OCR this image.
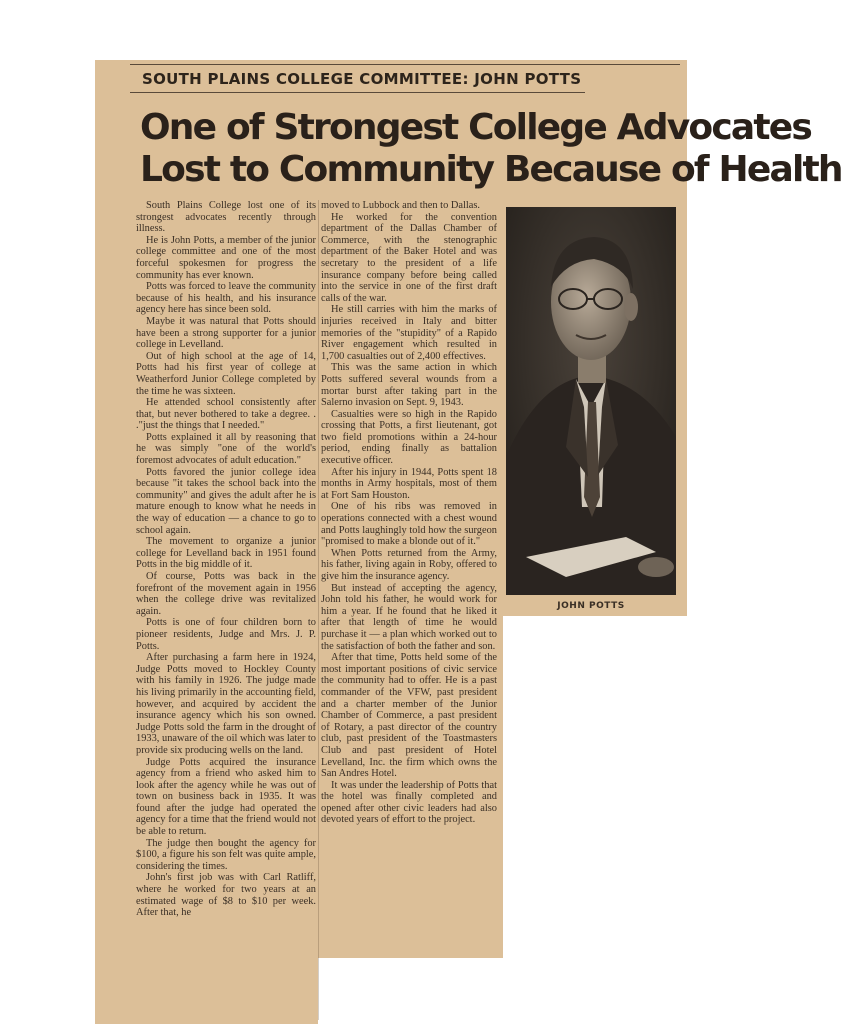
SOUTH PLAINS COLLEGE COMMITTEE: JOHN POTTS
One of Strongest College Advocates
Lost to Community Because of Health

South Plains College lost one of its strongest advocates recently through illness.

He is John Potts, a member of the junior college committee and one of the most forceful spokesmen for progress the community has ever known.

Potts was forced to leave the community because of his health, and his insurance agency here has since been sold.

Maybe it was natural that Potts should have been a strong supporter for a junior college in Levelland.

Out of high school at the age of 14, Potts had his first year of college at Weatherford Junior College completed by the time he was sixteen.

He attended school consistently after that, but never bothered to take a degree. . ."just the things that I needed."

Potts explained it all by reasoning that he was simply "one of the world's foremost advocates of adult education."

Potts favored the junior college idea because "it takes the school back into the community" and gives the adult after he is mature enough to know what he needs in the way of education — a chance to go to school again.

The movement to organize a junior college for Levelland back in 1951 found Potts in the big middle of it.

Of course, Potts was back in the forefront of the movement again in 1956 when the college drive was revitalized again.

Potts is one of four children born to pioneer residents, Judge and Mrs. J. P. Potts.

After purchasing a farm here in 1924, Judge Potts moved to Hockley County with his family in 1926. The judge made his living primarily in the accounting field, however, and acquired by accident the insurance agency which his son owned. Judge Potts sold the farm in the drought of 1933, unaware of the oil which was later to provide six producing wells on the land.

Judge Potts acquired the insurance agency from a friend who asked him to look after the agency while he was out of town on business back in 1935. It was found after the judge had operated the agency for a time that the friend would not be able to return.

The judge then bought the agency for $100, a figure his son felt was quite ample, considering the times.

John's first job was with Carl Ratliff, where he worked for two years at an estimated wage of $8 to $10 per week. After that, he

moved to Lubbock and then to Dallas.

He worked for the convention department of the Dallas Chamber of Commerce, with the stenographic department of the Baker Hotel and was secretary to the president of a life insurance company before being called into the service in one of the first draft calls of the war.

He still carries with him the marks of injuries received in Italy and bitter memories of the "stupidity" of a Rapido River engagement which resulted in 1,700 casualties out of 2,400 effectives.

This was the same action in which Potts suffered several wounds from a mortar burst after taking part in the Salerno invasion on Sept. 9, 1943.

Casualties were so high in the Rapido crossing that Potts, a first lieutenant, got two field promotions within a 24-hour period, ending finally as battalion executive officer.

After his injury in 1944, Potts spent 18 months in Army hospitals, most of them at Fort Sam Houston.

One of his ribs was removed in operations connected with a chest wound and Potts laughingly told how the surgeon "promised to make a blonde out of it."

When Potts returned from the Army, his father, living again in Roby, offered to give him the insurance agency.

But instead of accepting the agency, John told his father, he would work for him a year. If he found that he liked it after that length of time he would purchase it — a plan which worked out to the satisfaction of both the father and son.

After that time, Potts held some of the most important positions of civic service the community had to offer. He is a past commander of the VFW, past president and a charter member of the Junior Chamber of Commerce, a past president of Rotary, a past director of the country club, past president of the Toastmasters Club and past president of Hotel Levelland, Inc. the firm which owns the San Andres Hotel.

It was under the leadership of Potts that the hotel was finally completed and opened after other civic leaders had also devoted years of effort to the project.

JOHN POTTS
